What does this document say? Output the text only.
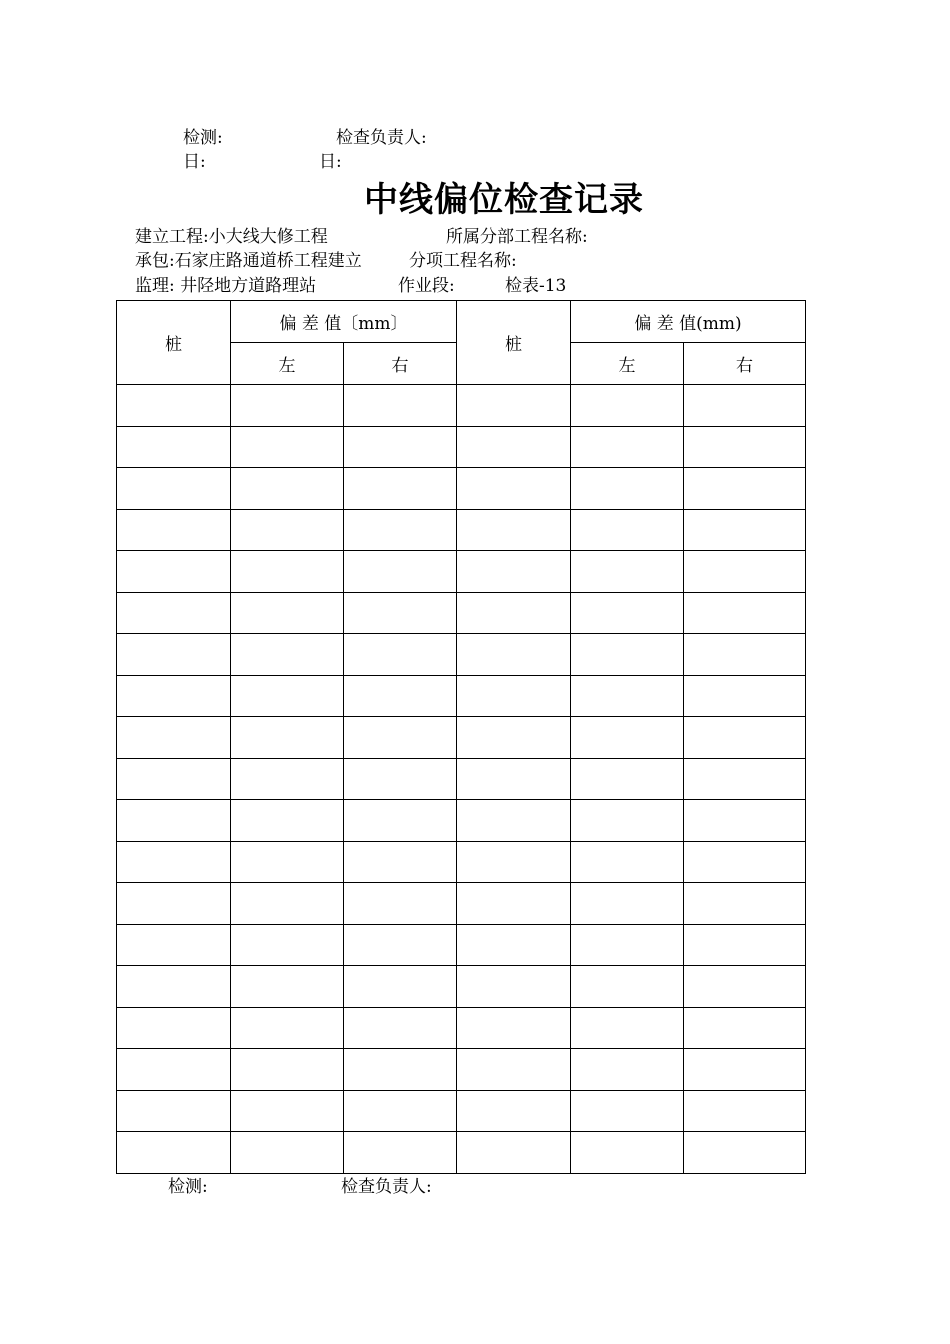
检测:	检查负责人:
日:	日:
中线偏位检查记录
建立工程:小大线大修工程	所属分部工程名称:
承包:石家庄路通道桥工程建立	分项工程名称:
监理: 井陉地方道路理站	作业段:	检表-13
桩	偏 差 值〔mm〕		桩	偏 差 值(mm)	
	左	右		左	右

检测:	检查负责人:
